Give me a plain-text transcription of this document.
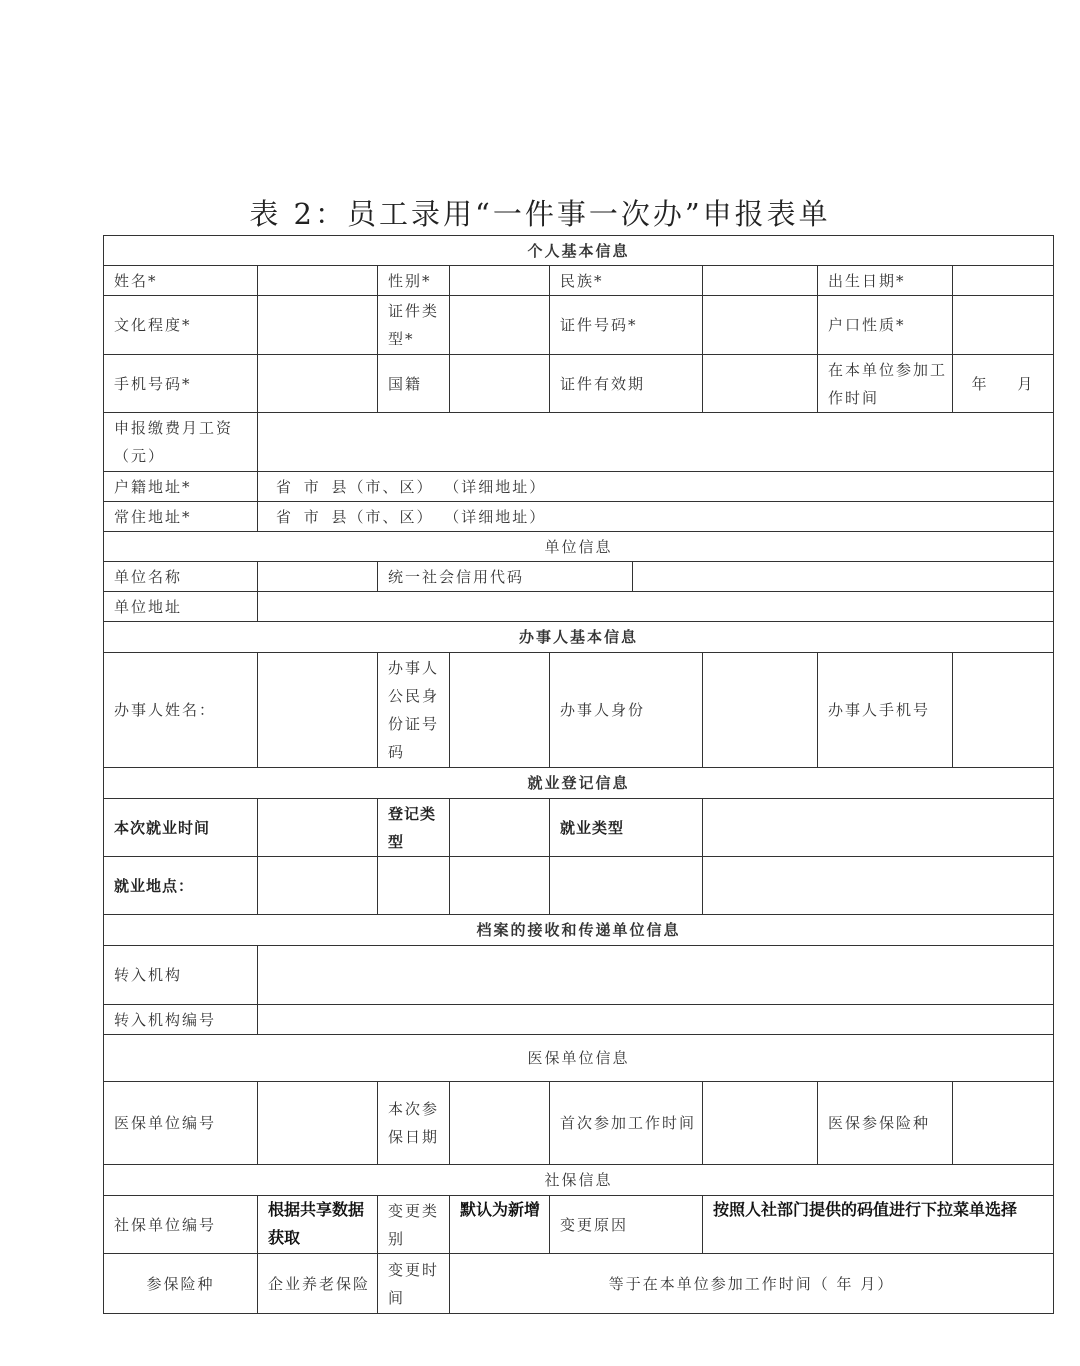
表 2：员工录用“一件事一次办”申报表单
个人基本信息								
姓名*		性别*		民族*			出生日期*	
文化程度*		证件类型*		证件号码*			户口性质*	
手机号码*		国籍		证件有效期			在本单位参加工作时间	年 月
申报缴费月工资（元）								
户籍地址*	省 市 县（市、区） （详细地址）							
常住地址*	省 市 县（市、区） （详细地址）							
单位信息								
单位名称		统一社会信用代码						
单位地址								
办事人基本信息								
办事人姓名：		办事人公民身份证号码		办事人身份			办事人手机号	
就业登记信息								
本次就业时间		登记类型		就业类型				
就业地点：								
档案的接收和传递单位信息								
转入机构								
转入机构编号								
医保单位信息								
医保单位编号		本次参保日期		首次参加工作时间			医保参保险种	
社保信息								
社保单位编号	根据共享数据获取	变更类别	默认为新增	变更原因		按照人社部门提供的码值进行下拉菜单选择		
参保险种	企业养老保险	变更时间	等于在本单位参加工作时间（ 年 月）					
